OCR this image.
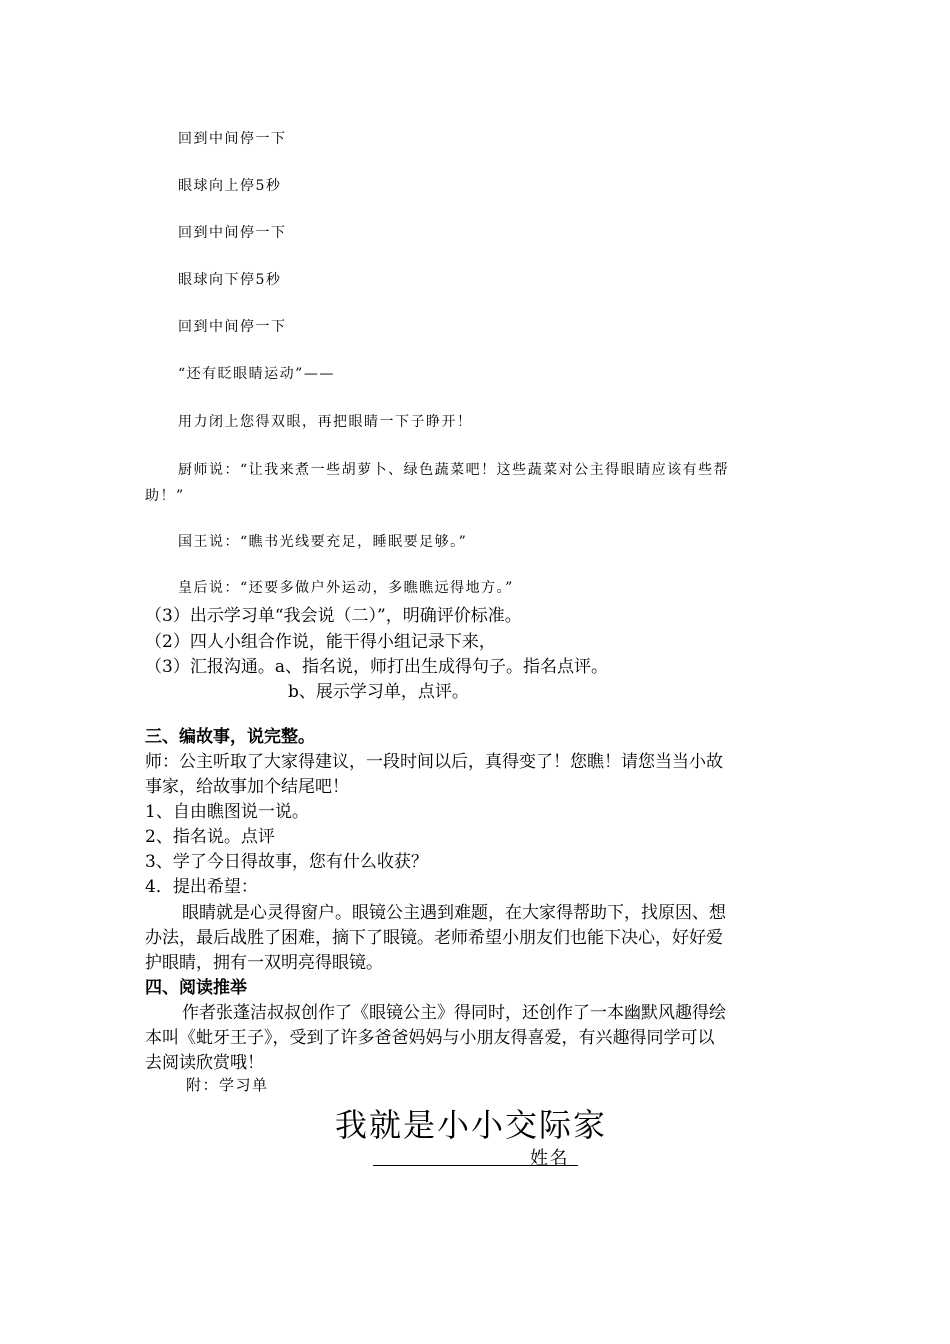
回到中间停一下
眼球向上停5秒
回到中间停一下
眼球向下停5秒
回到中间停一下
“还有眨眼睛运动”——
用力闭上您得双眼，再把眼睛一下子睁开！
厨师说：“让我来煮一些胡萝卜、绿色蔬菜吧！这些蔬菜对公主得眼睛应该有些帮
助！”
国王说：“瞧书光线要充足，睡眠要足够。”
皇后说：“还要多做户外运动，多瞧瞧远得地方。”
（3）出示学习单“我会说（二）”，明确评价标准。
（2）四人小组合作说，能干得小组记录下来，
（3）汇报沟通。a、指名说，师打出生成得句子。指名点评。
b、展示学习单，点评。
三、编故事，说完整。
师：公主听取了大家得建议，一段时间以后，真得变了！您瞧！请您当当小故
事家，给故事加个结尾吧！
1、自由瞧图说一说。
2、指名说。点评
3、学了今日得故事，您有什么收获？
4．提出希望：
眼睛就是心灵得窗户。眼镜公主遇到难题，在大家得帮助下，找原因、想
办法，最后战胜了困难，摘下了眼镜。老师希望小朋友们也能下决心，好好爱
护眼睛，拥有一双明亮得眼镜。
四、阅读推举
作者张蓬洁叔叔创作了《眼镜公主》得同时，还创作了一本幽默风趣得绘
本叫《蚍牙王子》，受到了许多爸爸妈妈与小朋友得喜爱，有兴趣得同学可以
去阅读欣赏哦！
附：学习单
我就是小小交际家
姓名
